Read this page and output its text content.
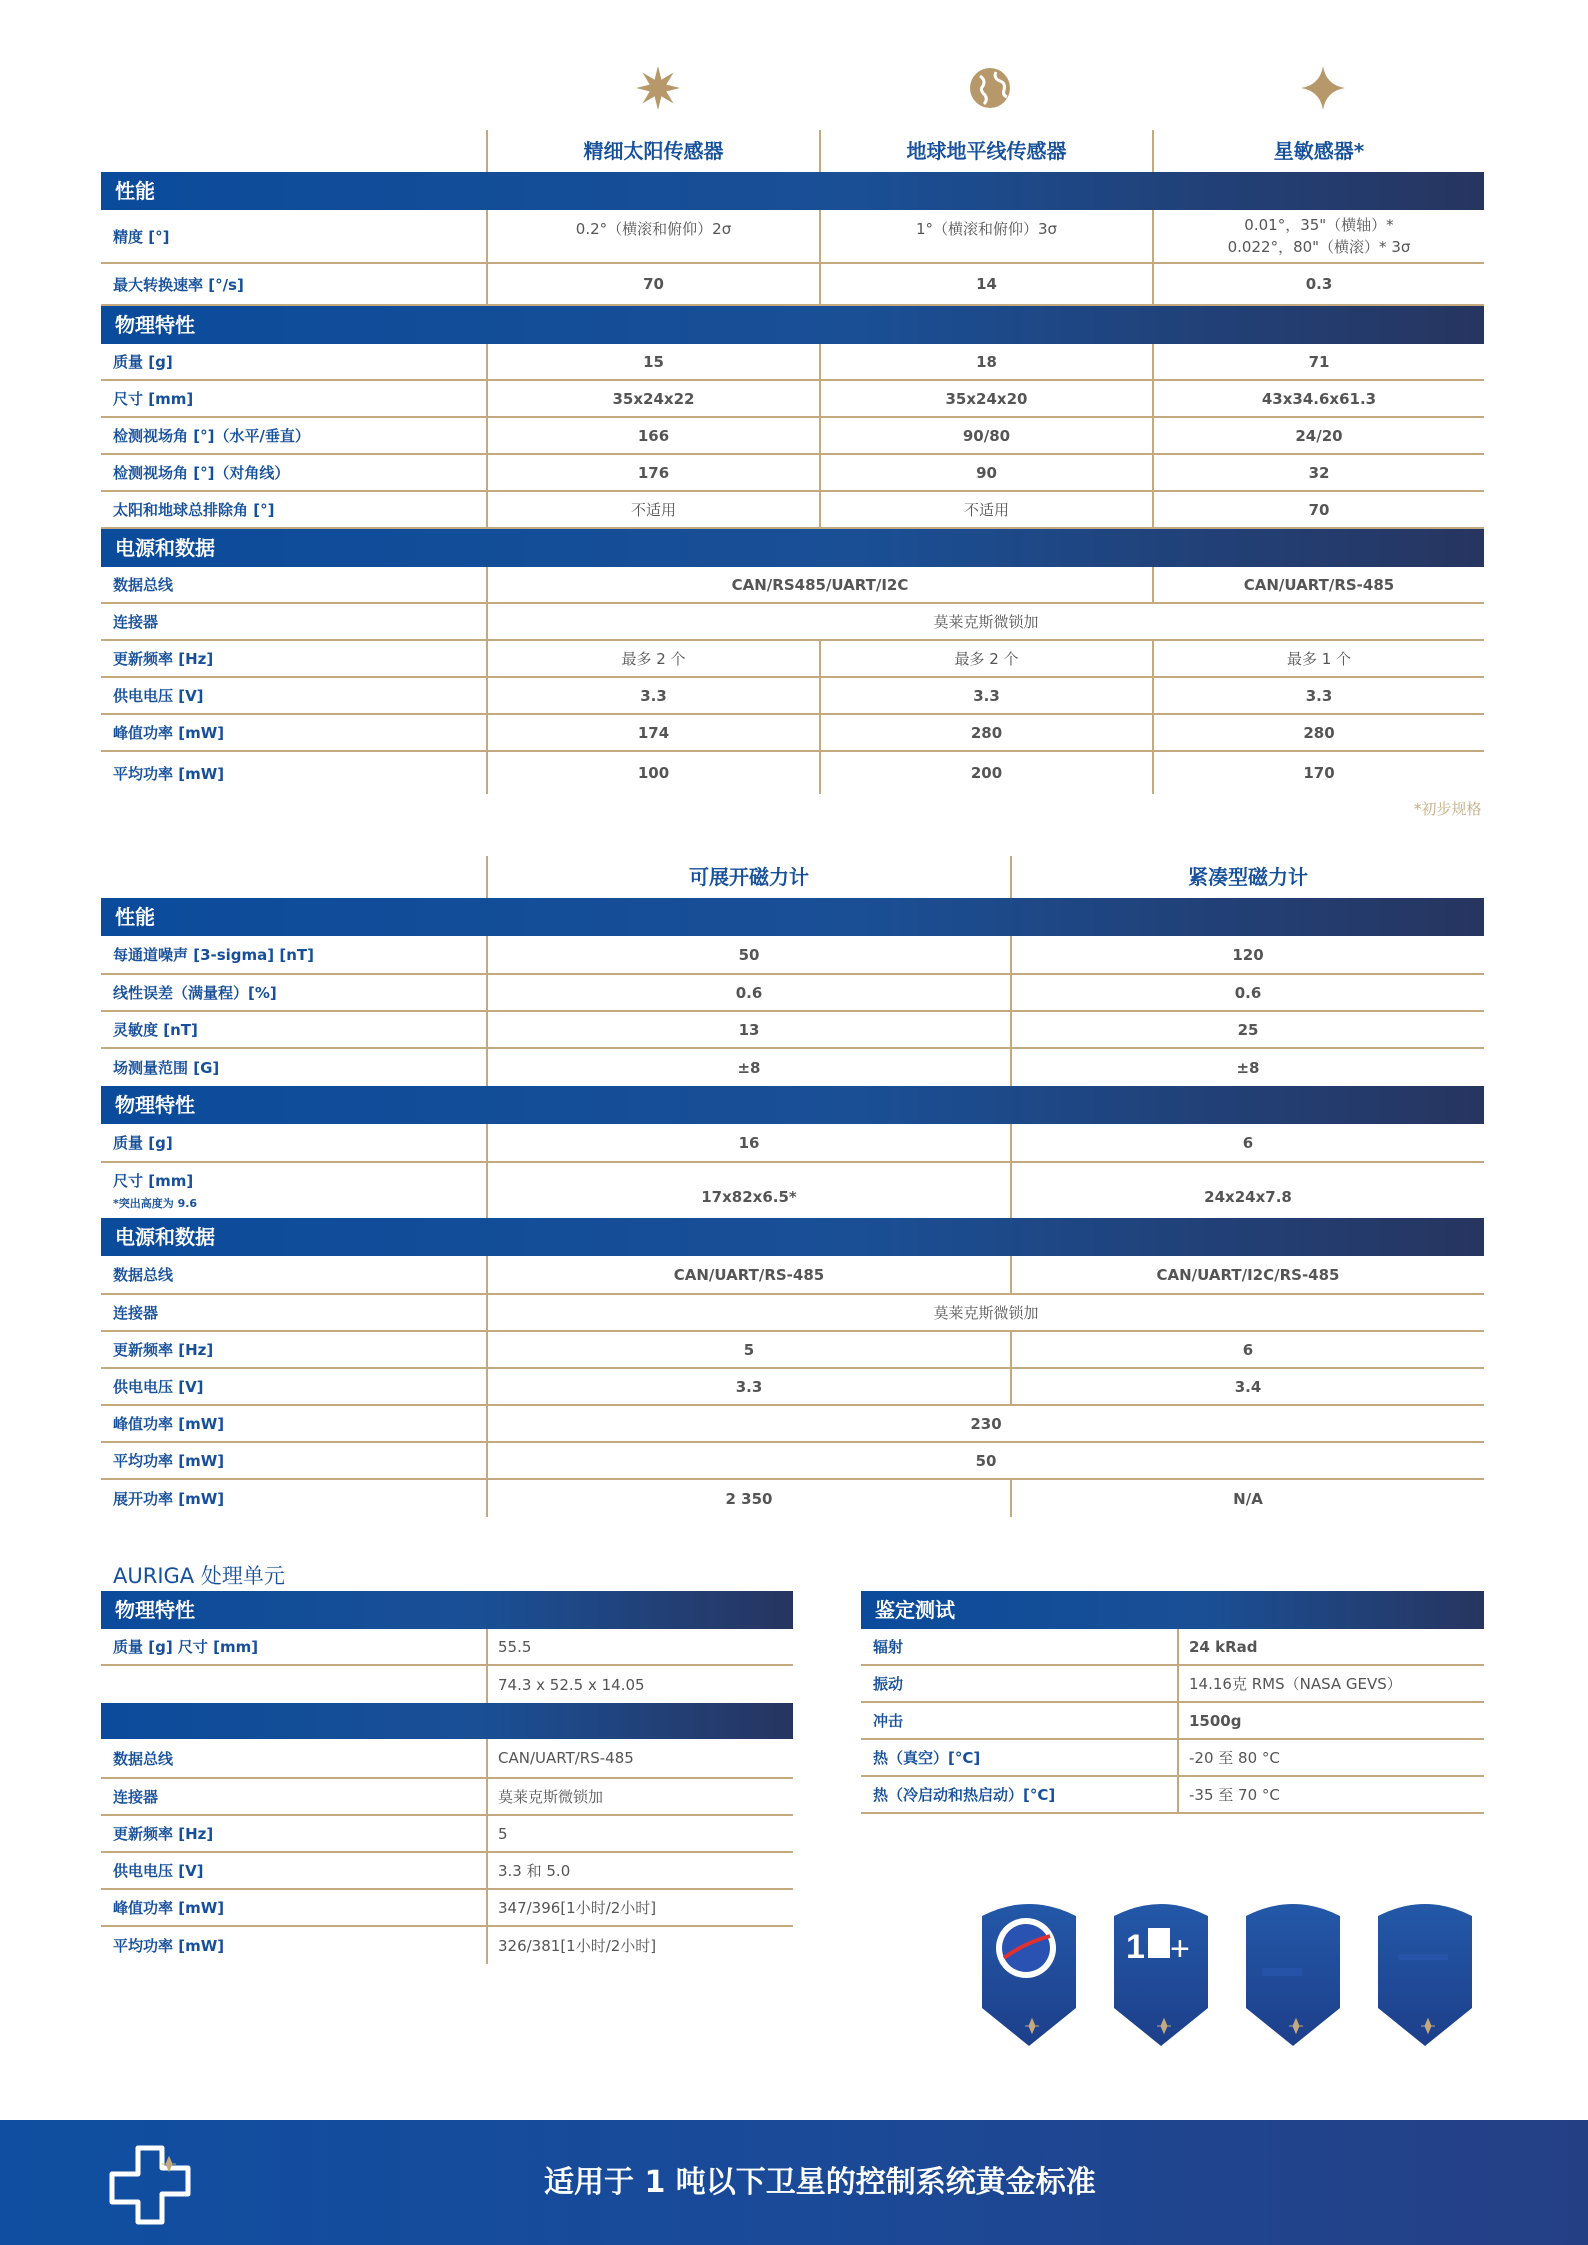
精细太阳传感器	地球地平线传感器	星敏感器*
性能
精度 [°]	0.2°（横滚和俯仰）2σ	1°（横滚和俯仰）3σ	0.01°，35"（横轴）*
0.022°，80"（横滚）* 3σ
最大转换速率 [°/s]	70	14	0.3
物理特性
质量 [g]	15	18	71
尺寸 [mm]	35x24x22	35x24x20	43x34.6x61.3
检测视场角 [°]（水平/垂直）	166	90/80	24/20
检测视场角 [°]（对角线）	176	90	32
太阳和地球总排除角 [°]	不适用	不适用	70
电源和数据
数据总线	CAN/RS485/UART/I2C	CAN/UART/RS-485
连接器	莫莱克斯微锁加
更新频率 [Hz]	最多 2 个	最多 2 个	最多 1 个
供电电压 [V]	3.3	3.3	3.3
峰值功率 [mW]	174	280	280
平均功率 [mW]	100	200	170
*初步规格
可展开磁力计	紧凑型磁力计
性能
每通道噪声 [3-sigma] [nT]	50	120
线性误差（满量程）[%]	0.6	0.6
灵敏度 [nT]	13	25
场测量范围 [G]	±8	±8
物理特性
质量 [g]	16	6
尺寸 [mm]
*突出高度为 9.6	17x82x6.5*	24x24x7.8
电源和数据
数据总线	CAN/UART/RS-485	CAN/UART/I2C/RS-485
连接器	莫莱克斯微锁加
更新频率 [Hz]	5	6
供电电压 [V]	3.3	3.4
峰值功率 [mW]	230
平均功率 [mW]	50
展开功率 [mW]	2 350	N/A
AURIGA 处理单元
物理特性
质量 [g] 尺寸 [mm]	55.5
74.3 x 52.5 x 14.05
数据总线	CAN/UART/RS-485
连接器	莫莱克斯微锁加
更新频率 [Hz]	5
供电电压 [V]	3.3 和 5.0
峰值功率 [mW]	347/396[1小时/2小时]
平均功率 [mW]	326/381[1小时/2小时]
鉴定测试
辐射	24 kRad
振动	14.16克 RMS（NASA GEVS）
冲击	1500g
热（真空）[°C]	-20 至 80 °C
热（冷启动和热启动）[°C]	-35 至 70 °C
1 +
适用于 1 吨以下卫星的控制系统黄金标准
